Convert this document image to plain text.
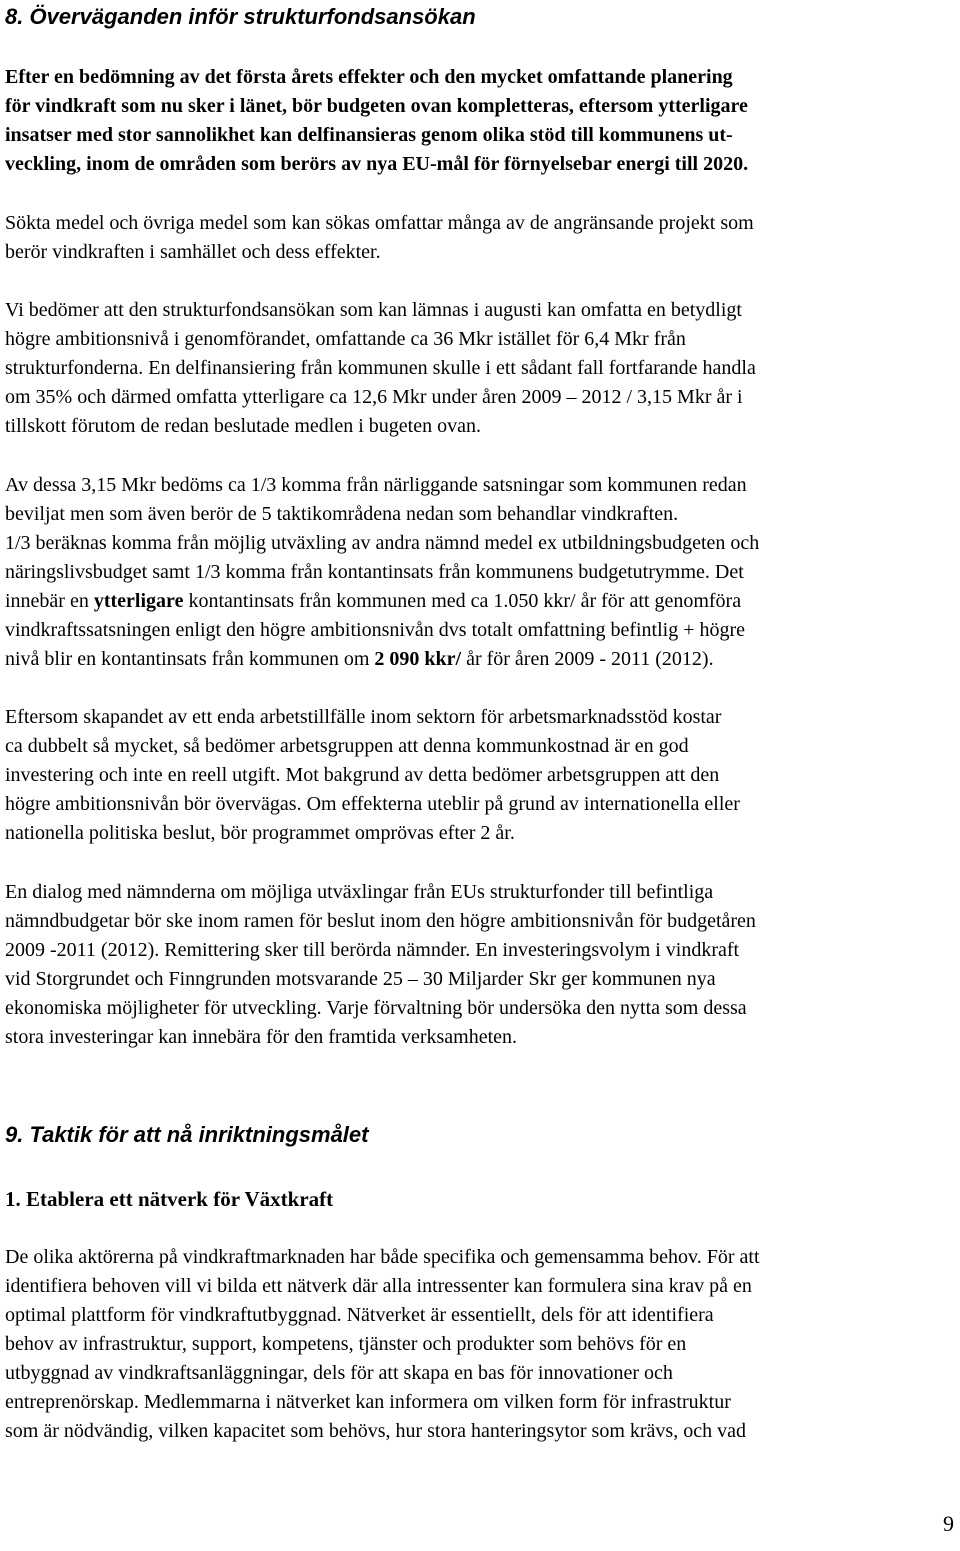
8. Överväganden inför strukturfondsansökan
Efter en bedömning av det första årets effekter och den mycket omfattande planering
för vindkraft som nu sker i länet, bör budgeten ovan kompletteras, eftersom ytterligare
insatser med stor sannolikhet kan delfinansieras genom olika stöd till kommunens ut-
veckling, inom de områden som berörs av nya EU-mål för förnyelsebar energi till 2020.
Sökta medel och övriga medel som kan sökas omfattar många av de angränsande projekt som
berör vindkraften i samhället och dess effekter.
Vi bedömer att den strukturfondsansökan som kan lämnas i augusti kan omfatta en betydligt
högre ambitionsnivå i genomförandet, omfattande ca 36 Mkr istället för 6,4 Mkr från
strukturfonderna. En delfinansiering från kommunen skulle i ett sådant fall fortfarande handla
om 35% och därmed omfatta ytterligare ca 12,6 Mkr under åren 2009 – 2012 / 3,15 Mkr år i
tillskott förutom de redan beslutade medlen i bugeten ovan.
Av dessa 3,15 Mkr bedöms ca 1/3 komma från närliggande satsningar som kommunen redan
beviljat men som även berör de 5 taktikområdena nedan som behandlar vindkraften.
1/3 beräknas komma från möjlig utväxling av andra nämnd medel ex utbildningsbudgeten och
näringslivsbudget samt 1/3 komma från kontantinsats från kommunens budgetutrymme. Det
innebär en ytterligare kontantinsats från kommunen med ca 1.050 kkr/ år för att genomföra
vindkraftssatsningen enligt den högre ambitionsnivån dvs totalt omfattning befintlig + högre
nivå blir en kontantinsats från kommunen om 2 090 kkr/ år för åren 2009 - 2011 (2012).
Eftersom skapandet av ett enda arbetstillfälle inom sektorn för arbetsmarknadsstöd kostar
ca dubbelt så mycket, så bedömer arbetsgruppen att denna kommunkostnad är en god
investering och inte en reell utgift. Mot bakgrund av detta bedömer arbetsgruppen att den
högre ambitionsnivån bör övervägas. Om effekterna uteblir på grund av internationella eller
nationella politiska beslut, bör programmet omprövas efter 2 år.
En dialog med nämnderna om möjliga utväxlingar från EUs strukturfonder till befintliga
nämndbudgetar bör ske inom ramen för beslut inom den högre ambitionsnivån för budgetåren
2009 -2011 (2012). Remittering sker till berörda nämnder. En investeringsvolym i vindkraft
vid Storgrundet och Finngrunden motsvarande 25 – 30 Miljarder Skr ger kommunen nya
ekonomiska möjligheter för utveckling. Varje förvaltning bör undersöka den nytta som dessa
stora investeringar kan innebära för den framtida verksamheten.
9. Taktik för att nå inriktningsmålet
1. Etablera ett nätverk för Växtkraft
De olika aktörerna på vindkraftmarknaden har både specifika och gemensamma behov. För att
identifiera behoven vill vi bilda ett nätverk där alla intressenter kan formulera sina krav på en
optimal plattform för vindkraftutbyggnad. Nätverket är essentiellt, dels för att identifiera
behov av infrastruktur, support, kompetens, tjänster och produkter som behövs för en
utbyggnad av vindkraftsanläggningar, dels för att skapa en bas för innovationer och
entreprenörskap. Medlemmarna i nätverket kan informera om vilken form för infrastruktur
som är nödvändig, vilken kapacitet som behövs, hur stora hanteringsytor som krävs, och vad
9
